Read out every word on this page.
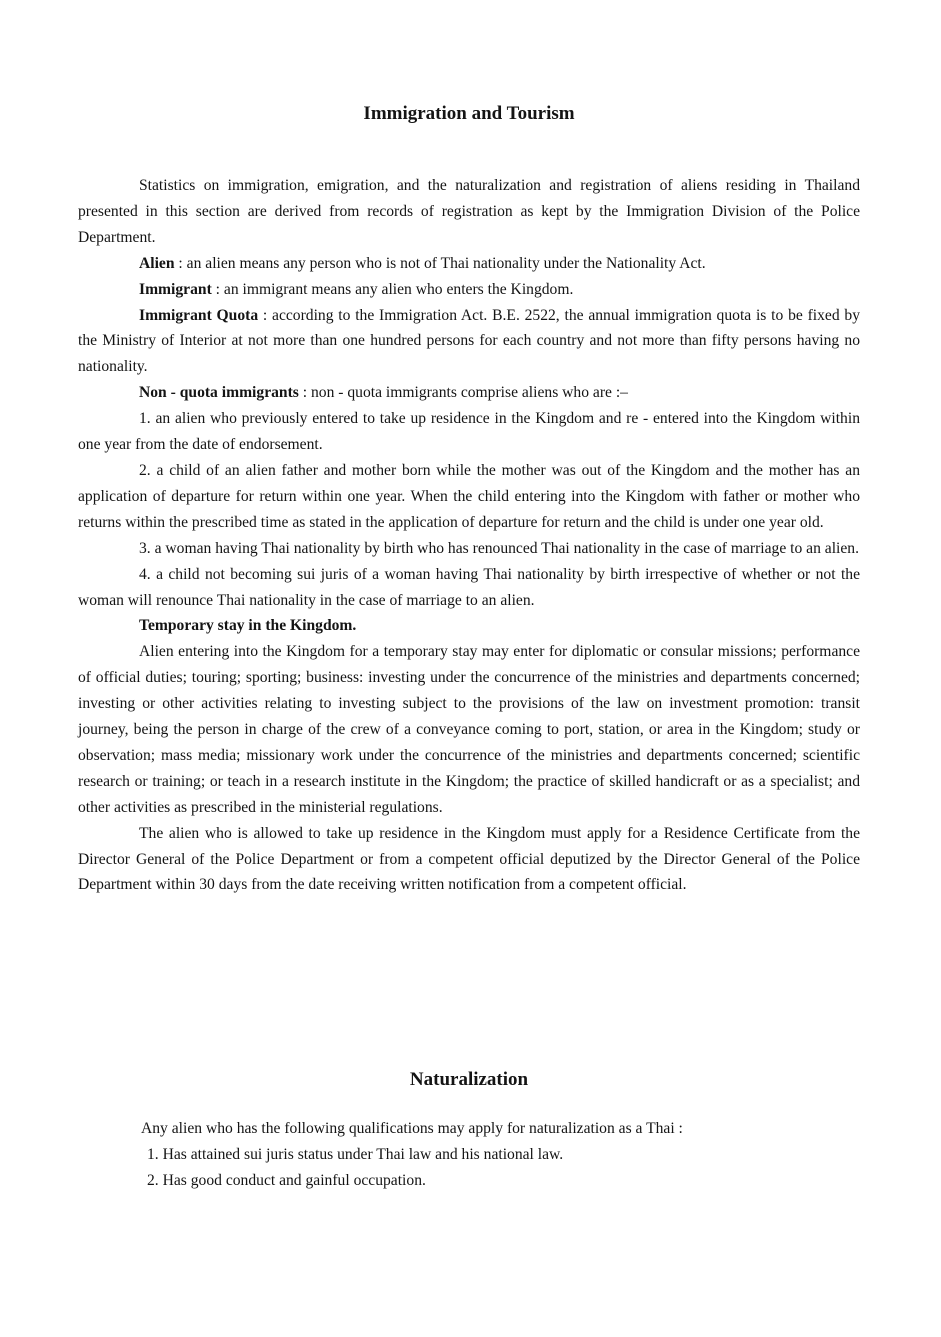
Immigration and Tourism

Statistics on immigration, emigration, and the naturalization and registration of aliens residing in Thailand presented in this section are derived from records of registration as kept by the Immigration Division of the Police Department.

Alien : an alien means any person who is not of Thai nationality under the Nationality Act.

Immigrant : an immigrant means any alien who enters the Kingdom.

Immigrant Quota : according to the Immigration Act. B.E. 2522, the annual immigration quota is to be fixed by the Ministry of Interior at not more than one hundred persons for each country and not more than fifty persons having no nationality.

Non - quota immigrants : non - quota immigrants comprise aliens who are :–

1. an alien who previously entered to take up residence in the Kingdom and re - entered into the Kingdom within one year from the date of endorsement.

2. a child of an alien father and mother born while the mother was out of the Kingdom and the mother has an application of departure for return within one year. When the child entering into the Kingdom with father or mother who returns within the prescribed time as stated in the application of departure for return and the child is under one year old.

3. a woman having Thai nationality by birth who has renounced Thai nationality in the case of marriage to an alien.

4. a child not becoming sui juris of a woman having Thai nationality by birth irrespective of whether or not the woman will renounce Thai nationality in the case of marriage to an alien.

Temporary stay in the Kingdom.

Alien entering into the Kingdom for a temporary stay may enter for diplomatic or consular missions; performance of official duties; touring; sporting; business: investing under the concurrence of the ministries and departments concerned; investing or other activities relating to investing subject to the provisions of the law on investment promotion: transit journey, being the person in charge of the crew of a conveyance coming to port, station, or area in the Kingdom; study or observation; mass media; missionary work under the concurrence of the ministries and departments concerned; scientific research or training; or teach in a research institute in the Kingdom; the practice of skilled handicraft or as a specialist; and other activities as prescribed in the ministerial regulations.

The alien who is allowed to take up residence in the Kingdom must apply for a Residence Certificate from the Director General of the Police Department or from a competent official deputized by the Director General of the Police Department within 30 days from the date receiving written notification from a competent official.

Naturalization

Any alien who has the following qualifications may apply for naturalization as a Thai :

1. Has attained sui juris status under Thai law and his national law.

2. Has good conduct and gainful occupation.
